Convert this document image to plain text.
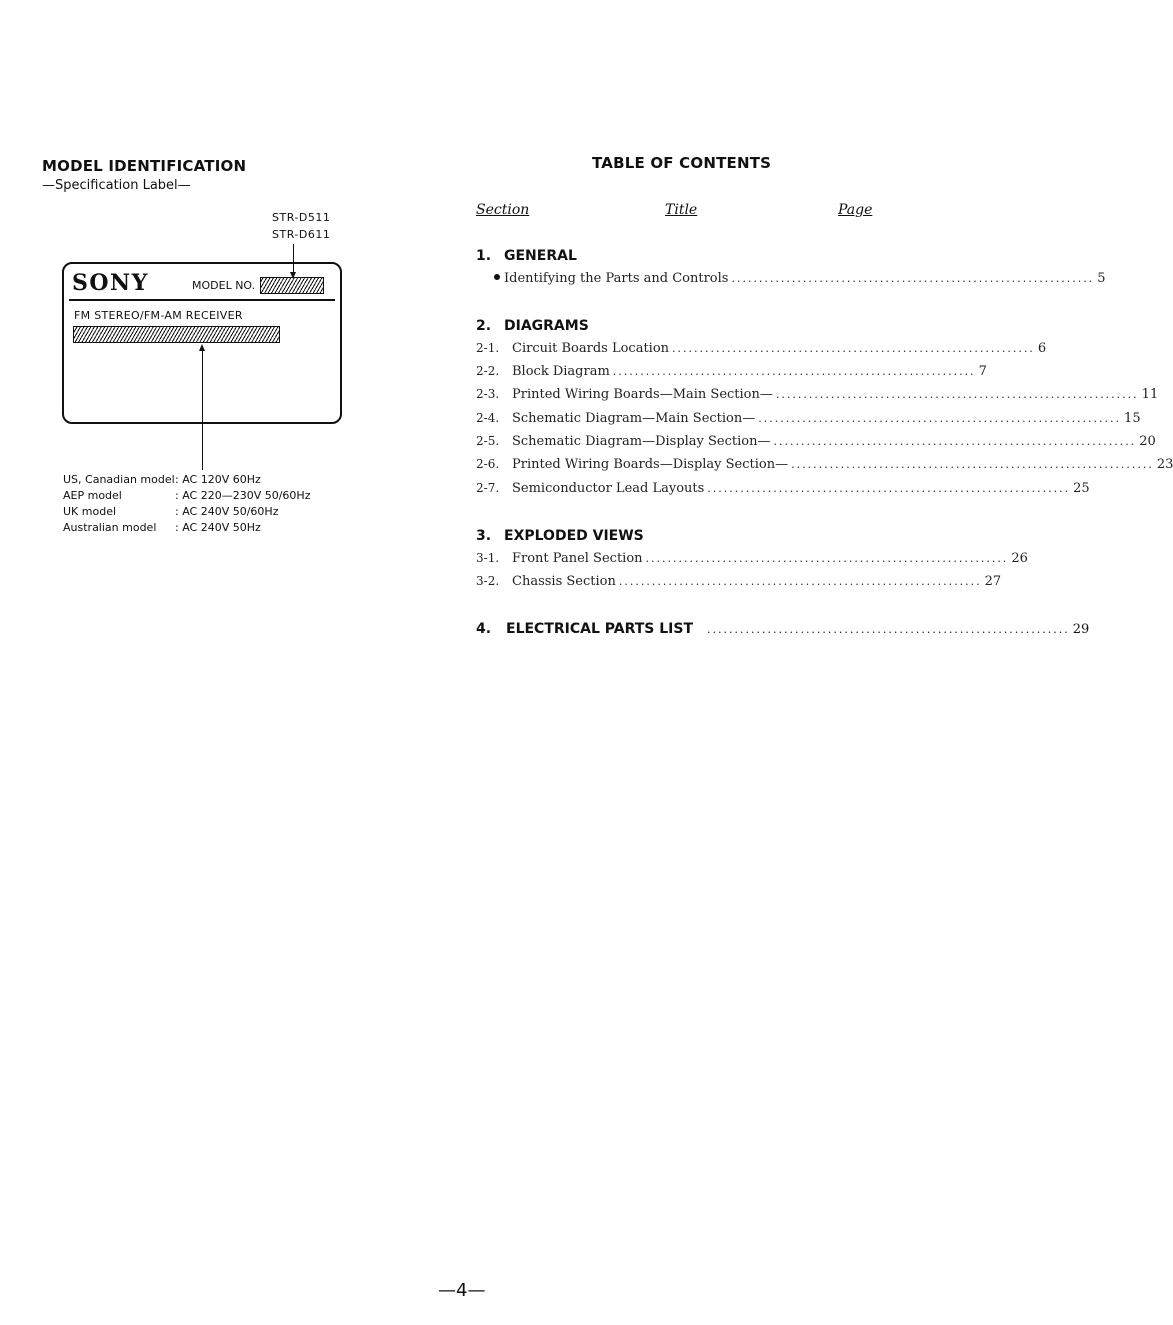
MODEL IDENTIFICATION
—Specification Label—
STR-D511
STR-D611
SONY	MODEL NO.
FM STEREO/FM-AM RECEIVER
US, Canadian model : AC 120V 60Hz
AEP model	: AC 220—230V 50/60Hz
UK model	: AC 240V 50/60Hz
Australian model : AC 240V 50Hz
TABLE OF CONTENTS
Section	Title	Page
1. GENERAL
Identifying the Parts and Controls .................................................................. 5
2. DIAGRAMS
2-1. Circuit Boards Location .................................................................. 6
2-2. Block Diagram .................................................................. 7
2-3. Printed Wiring Boards—Main Section— .................................................................. 11
2-4. Schematic Diagram—Main Section— .................................................................. 15
2-5. Schematic Diagram—Display Section— .................................................................. 20
2-6. Printed Wiring Boards—Display Section— .................................................................. 23
2-7. Semiconductor Lead Layouts .................................................................. 25
3. EXPLODED VIEWS
3-1. Front Panel Section .................................................................. 26
3-2. Chassis Section .................................................................. 27
4.	ELECTRICAL PARTS LIST .................................................................. 29
—4—
